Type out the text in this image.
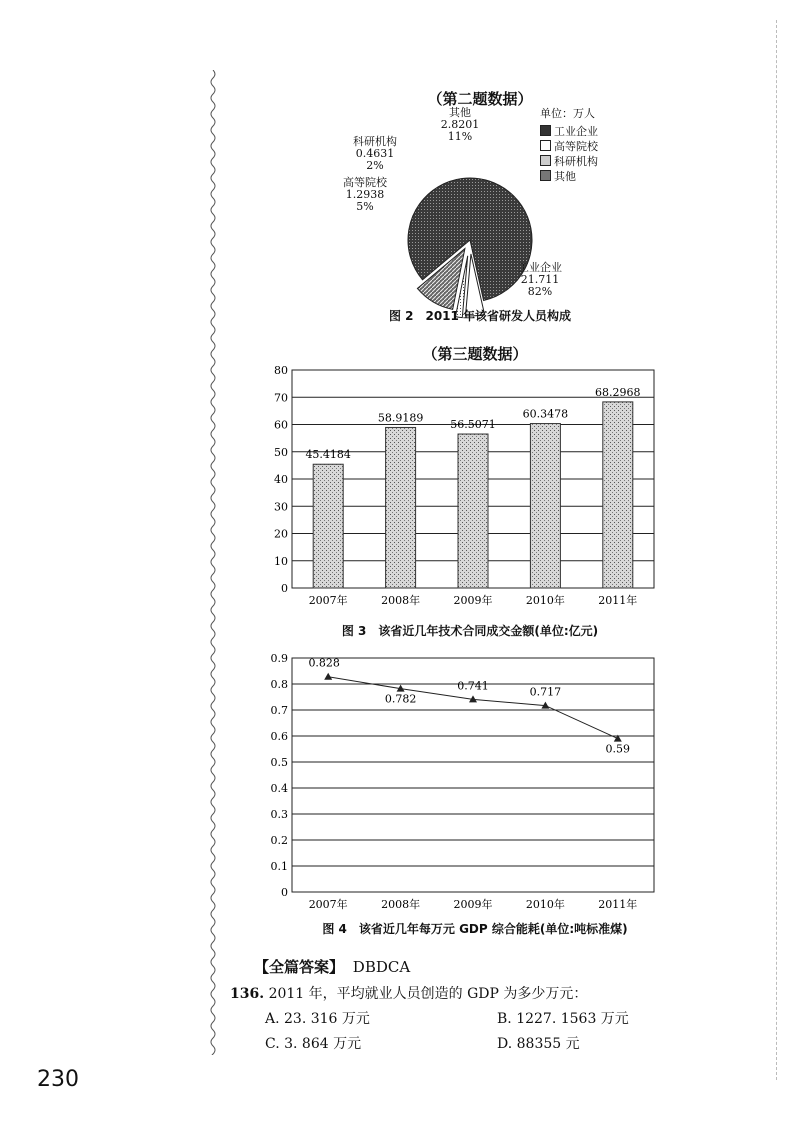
（第二题数据）
其他
2.8201
11%
科研机构
0.4631
2%
高等院校
1.2938
5%
工业企业
21.711
82%
单位：万人
工业企业
高等院校
科研机构
其他
图 2　2011 年该省研发人员构成
（第三题数据）
0
10
20
30
40
50
60
70
80
45.4184
2007年
58.9189
2008年
56.5071
2009年
60.3478
2010年
68.2968
2011年
图 3　该省近几年技术合同成交金额(单位:亿元)
0
0.1
0.2
0.3
0.4
0.5
0.6
0.7
0.8
0.9 0.828
2007年
0.782
2008年
0.741
2009年
0.717
2010年
0.59
2011年
图 4　该省近几年每万元 GDP 综合能耗(单位:吨标准煤)
【全篇答案】 DBDCA
136. 2011 年，平均就业人员创造的 GDP 为多少万元：
A. 23. 316 万元	B. 1227. 1563 万元
C. 3. 864 万元	D. 88355 元
230
